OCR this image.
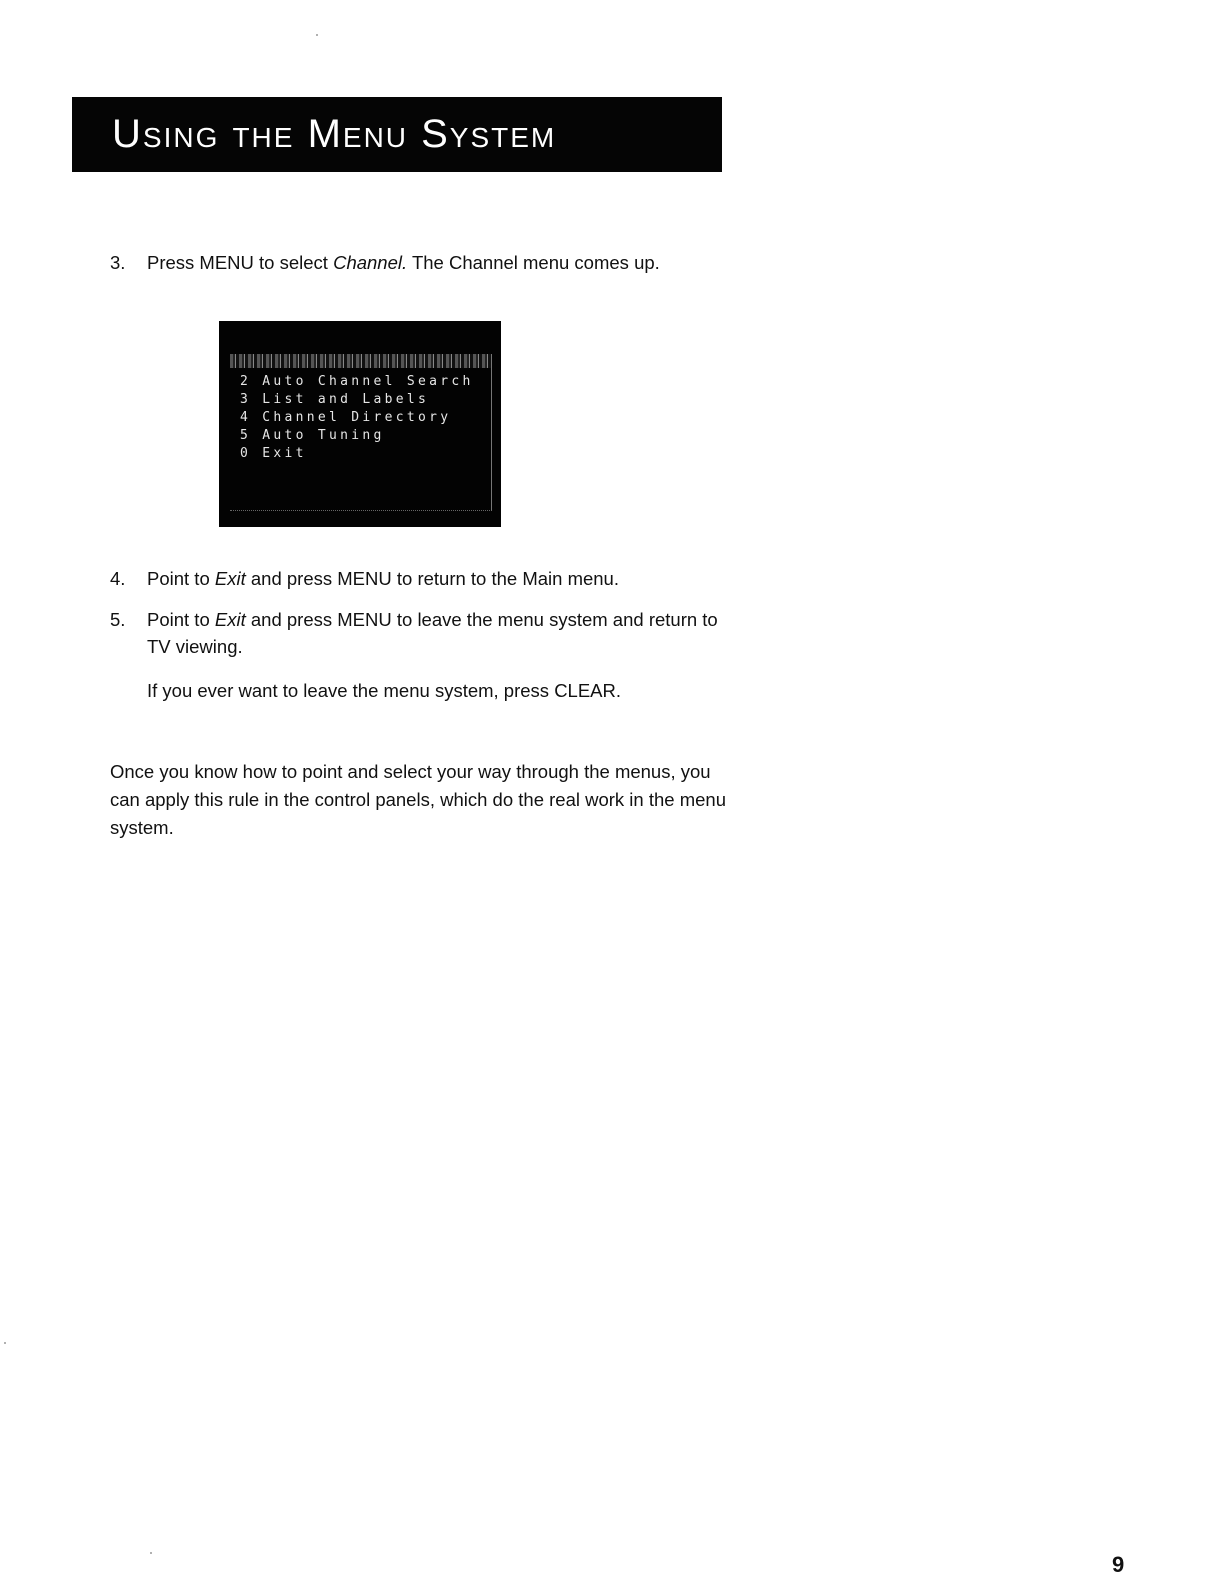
Using the Menu System
3. Press MENU to select Channel. The Channel menu comes up.
2 Auto Channel Search
3 List and Labels
4 Channel Directory
5 Auto Tuning
0 Exit
4. Point to Exit and press MENU to return to the Main menu.
5. Point to Exit and press MENU to leave the menu system and return to TV viewing.
If you ever want to leave the menu system, press CLEAR.
Once you know how to point and select your way through the menus, you can apply this rule in the control panels, which do the real work in the menu system.
9
